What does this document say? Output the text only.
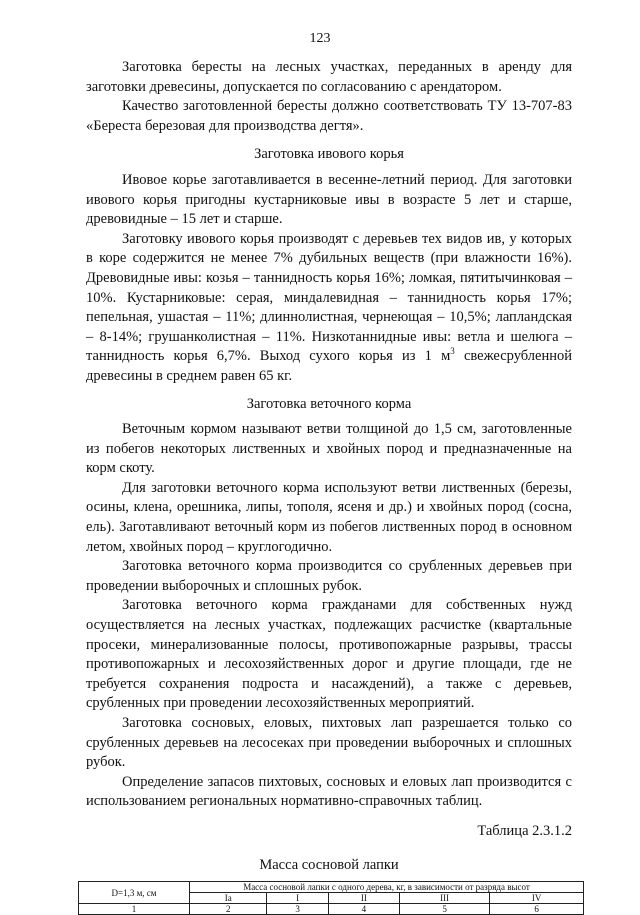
123

Заготовка бересты на лесных участках, переданных в аренду для заготовки древесины, допускается по согласованию с арендатором.

Качество заготовленной бересты должно соответствовать ТУ 13-707-83 «Береста березовая для производства дегтя».

Заготовка ивового корья

Ивовое корье заготавливается в весенне-летний период. Для заготовки ивового корья пригодны кустарниковые ивы в возрасте 5 лет и старше, древовидные – 15 лет и старше.

Заготовку ивового корья производят с деревьев тех видов ив, у которых в коре содержится не менее 7% дубильных веществ (при влажности 16%). Древовидные ивы: козья – таннидность корья 16%; ломкая, пятитычинковая – 10%. Кустарниковые: серая, миндалевидная – таннидность корья 17%; пепельная, ушастая – 11%; длиннолистная, чернеющая – 10,5%; лапландская – 8-14%; грушанколистная – 11%. Низкотаннидные ивы: ветла и шелюга – таннидность корья 6,7%. Выход сухого корья из 1 $м^3$ свежесрубленной древесины в среднем равен 65 кг.

Заготовка веточного корма

Веточным кормом называют ветви толщиной до 1,5 см, заготовленные из побегов некоторых лиственных и хвойных пород и предназначенные на корм скоту.

Для заготовки веточного корма используют ветви лиственных (березы, осины, клена, орешника, липы, тополя, ясеня и др.) и хвойных пород (сосна, ель). Заготавливают веточный корм из побегов лиственных пород в основном летом, хвойных пород – круглогодично.

Заготовка веточного корма производится со срубленных деревьев при проведении выборочных и сплошных рубок.

Заготовка веточного корма гражданами для собственных нужд осуществляется на лесных участках, подлежащих расчистке (квартальные просеки, минерализованные полосы, противопожарные разрывы, трассы противопожарных и лесохозяйственных дорог и другие площади, где не требуется сохранения подроста и насаждений), а также с деревьев, срубленных при проведении лесохозяйственных мероприятий.

Заготовка сосновых, еловых, пихтовых лап разрешается только со срубленных деревьев на лесосеках при проведении выборочных и сплошных рубок.

Определение запасов пихтовых, сосновых и еловых лап производится с использованием региональных нормативно-справочных таблиц.

Таблица 2.3.1.2
Масса сосновой лапки
D=1,3 м, см	Масса сосновой лапки с одного дерева, кг, в зависимости от разряда высот				
	Ia	I	II	III	IV
1	2	3	4	5	6
